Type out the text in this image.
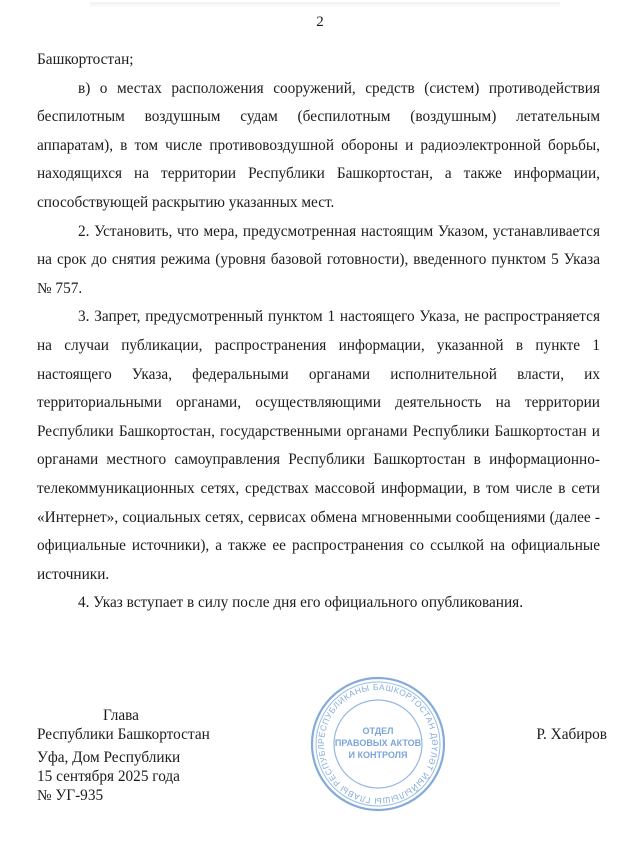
2

Башкортостан;

в) о местах расположения сооружений, средств (систем) противодействия беспилотным воздушным судам (беспилотным (воздушным) летательным аппаратам), в том числе противовоздушной обороны и радиоэлектронной борьбы, находящихся на территории Республики Башкортостан, а также информации, способствующей раскрытию указанных мест.

2. Установить, что мера, предусмотренная настоящим Указом, устанавливается на срок до снятия режима (уровня базовой готовности), введенного пунктом 5 Указа № 757.

3. Запрет, предусмотренный пунктом 1 настоящего Указа, не распространяется на случаи публикации, распространения информации, указанной в пункте 1 настоящего Указа, федеральными органами исполнительной власти, их территориальными органами, осуществляющими деятельность на территории Республики Башкортостан, государственными органами Республики Башкортостан и органами местного самоуправления Республики Башкортостан в информационно-телекоммуникационных сетях, средствах массовой информации, в том числе в сети «Интернет», социальных сетях, сервисах обмена мгновенными сообщениями (далее - официальные источники), а также ее распространения со ссылкой на официальные источники.

4. Указ вступает в силу после дня его официального опубликования.

РЕСПУБЛИКАНЫ БАШКОРТОСТАН ДӘҮЛӘТ ЙЫЙЫЛЫШЫ ГЛАВЫ РЕСПУБЛ
ОТДЕЛ
ПРАВОВЫХ АКТОВ
И КОНТРОЛЯ
Глава
Республики Башкортостан	Р. Хабиров
Уфа, Дом Республики
15 сентября 2025 года
№ УГ-935
